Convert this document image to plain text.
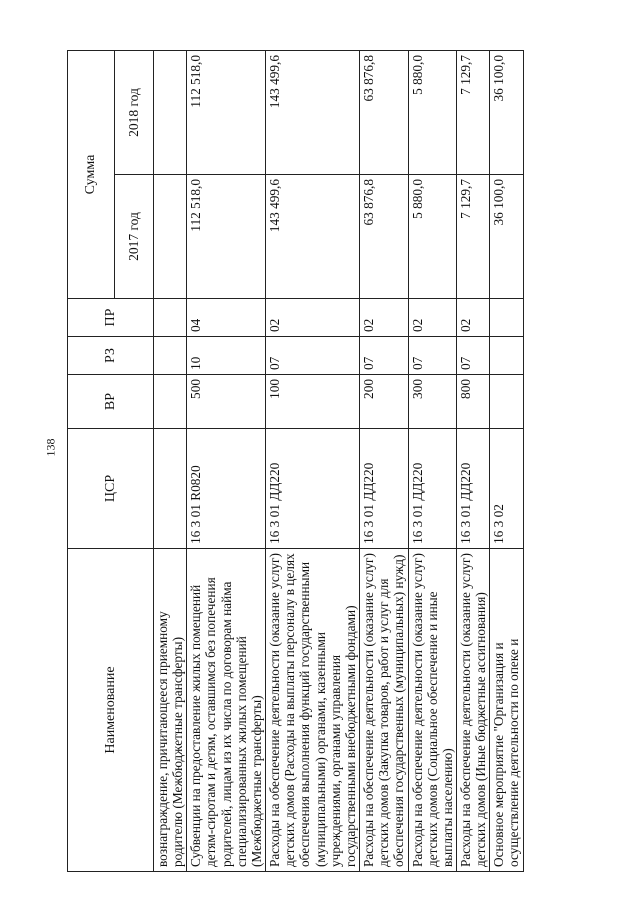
138
Наименование	ЦСР	ВР	РЗ	ПР	Сумма	
					2017 год	2018 год
вознаграждение, причитающееся приемному родителю (Межбюджетные трансферты)						
Субвенции на предоставление жилых помещений детям-сиротам и детям, оставшимся без попечения родителей, лицам из их числа по договорам найма специализированных жилых помещений (Межбюджетные трансферты)	16 3 01 R0820	500	10	04	112 518,0	112 518,0
Расходы на обеспечение деятельности (оказание услуг) детских домов (Расходы на выплаты персоналу в целях обеспечения выполнения функций государственными (муниципальными) органами, казенными учреждениями, органами управления государственными внебюджетными фондами)	16 3 01 ДД220	100	07	02	143 499,6	143 499,6
Расходы на обеспечение деятельности (оказание услуг) детских домов (Закупка товаров, работ и услуг для обеспечения государственных (муниципальных) нужд)	16 3 01 ДД220	200	07	02	63 876,8	63 876,8
Расходы на обеспечение деятельности (оказание услуг) детских домов (Социальное обеспечение и иные выплаты населению)	16 3 01 ДД220	300	07	02	5 880,0	5 880,0
Расходы на обеспечение деятельности (оказание услуг) детских домов (Иные бюджетные ассигнования)	16 3 01 ДД220	800	07	02	7 129,7	7 129,7
Основное мероприятие "Организация и осуществление деятельности по опеке и	16 3 02				36 100,0	36 100,0
